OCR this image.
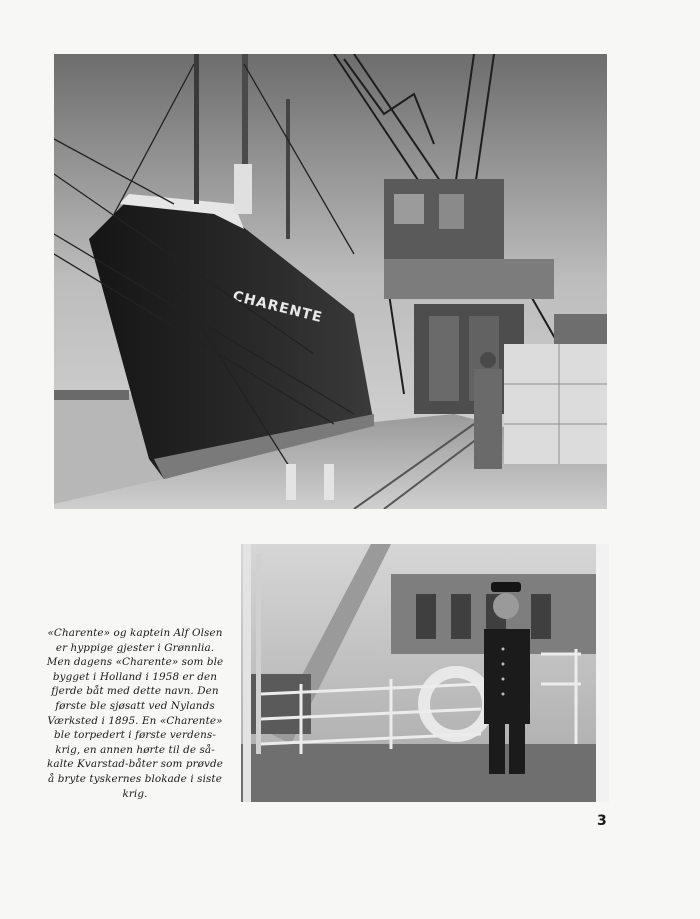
CHARENTE
«Charente» og kaptein Alf Olsen
er hyppige gjester i Grønnlia.
Men dagens «Charente» som ble
bygget i Holland i 1958 er den
fjerde båt med dette navn. Den
første ble sjøsatt ved Nylands
Værksted i 1895. En «Charente»
ble torpedert i første verdens-
krig, en annen hørte til de så-
kalte Kvarstad-båter som prøvde
å bryte tyskernes blokade i siste
krig.
3
